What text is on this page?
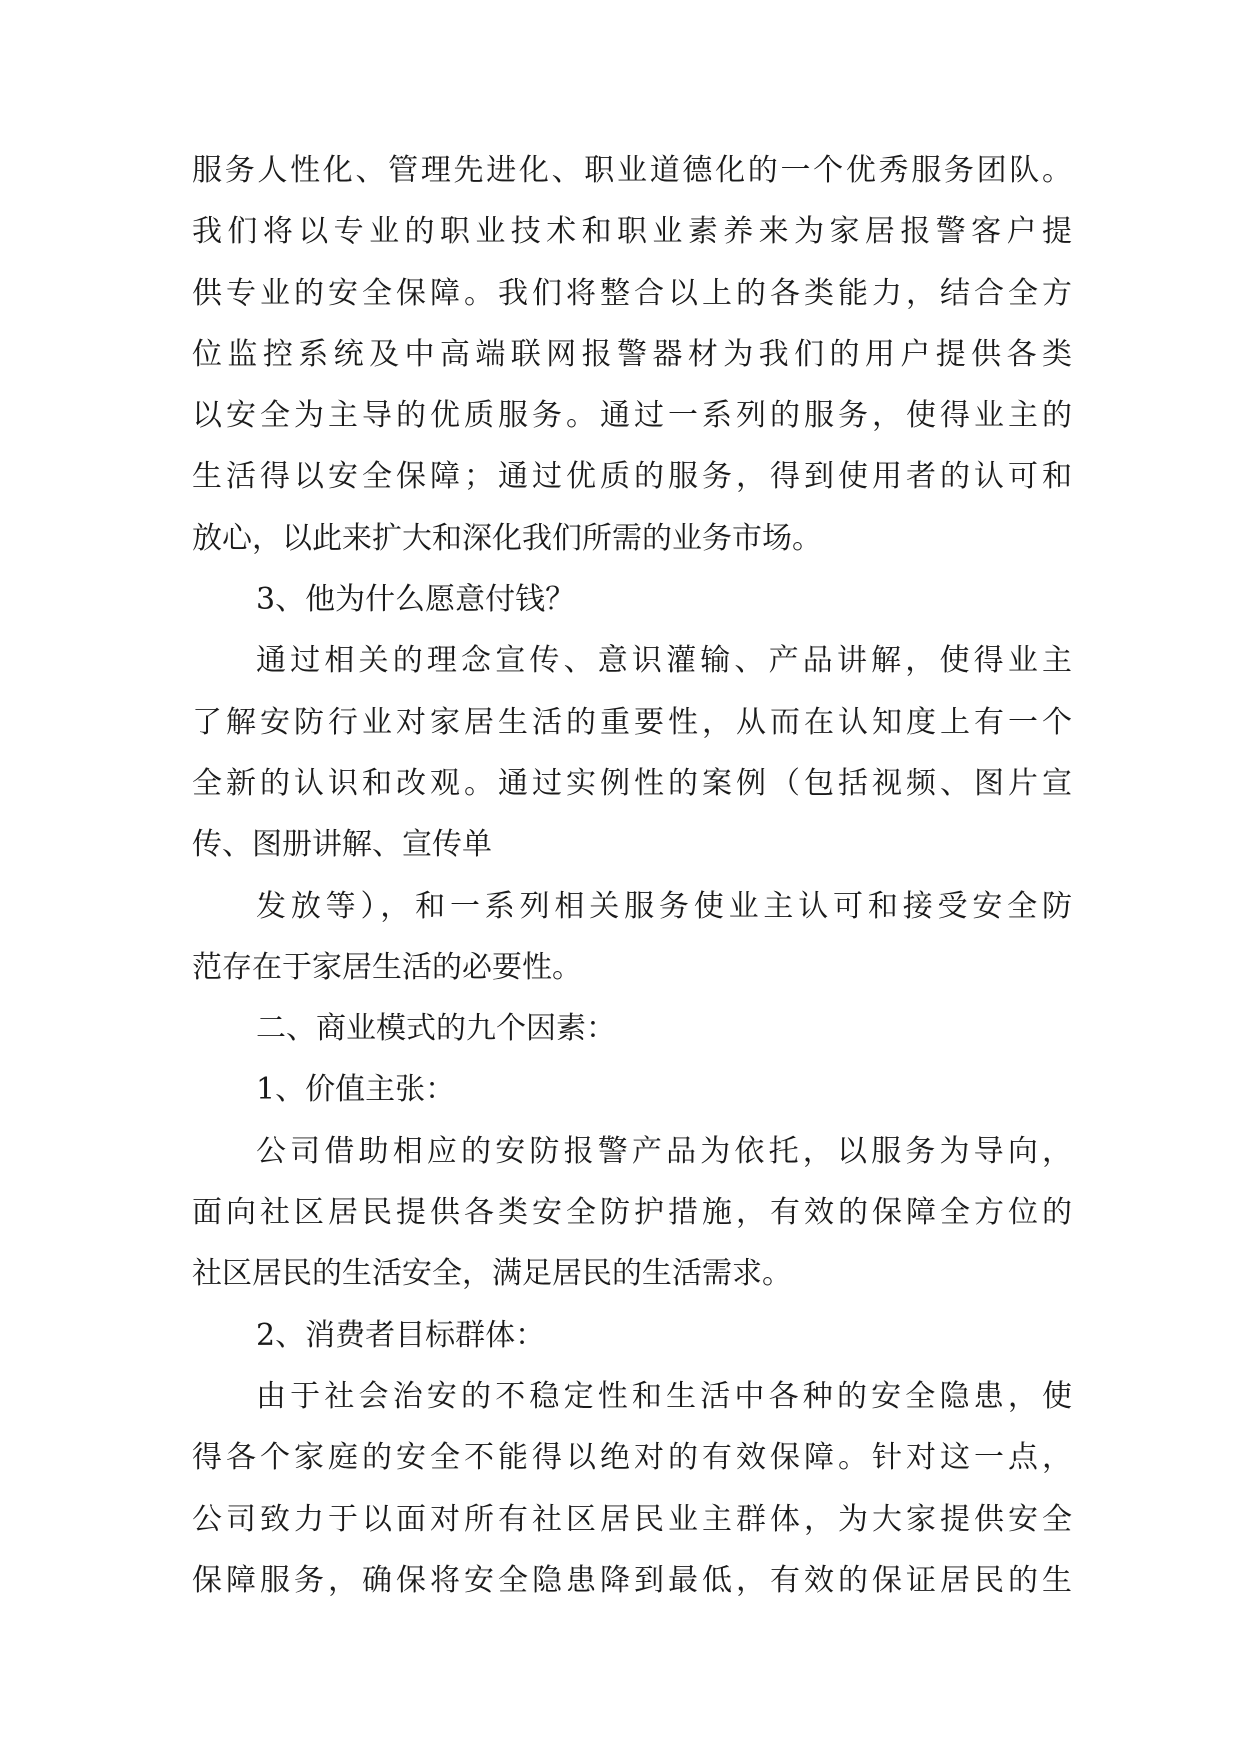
服务人性化、管理先进化、职业道德化的一个优秀服务团队。
我们将以专业的职业技术和职业素养来为家居报警客户提
供专业的安全保障。我们将整合以上的各类能力，结合全方
位监控系统及中高端联网报警器材为我们的用户提供各类
以安全为主导的优质服务。通过一系列的服务，使得业主的
生活得以安全保障；通过优质的服务，得到使用者的认可和
放心，以此来扩大和深化我们所需的业务市场。
3、他为什么愿意付钱？
通过相关的理念宣传、意识灌输、产品讲解，使得业主
了解安防行业对家居生活的重要性，从而在认知度上有一个
全新的认识和改观。通过实例性的案例（包括视频、图片宣
传、图册讲解、宣传单
发放等），和一系列相关服务使业主认可和接受安全防
范存在于家居生活的必要性。
二、商业模式的九个因素：
1、价值主张：
公司借助相应的安防报警产品为依托，以服务为导向，
面向社区居民提供各类安全防护措施，有效的保障全方位的
社区居民的生活安全，满足居民的生活需求。
2、消费者目标群体：
由于社会治安的不稳定性和生活中各种的安全隐患，使
得各个家庭的安全不能得以绝对的有效保障。针对这一点，
公司致力于以面对所有社区居民业主群体，为大家提供安全
保障服务，确保将安全隐患降到最低，有效的保证居民的生
